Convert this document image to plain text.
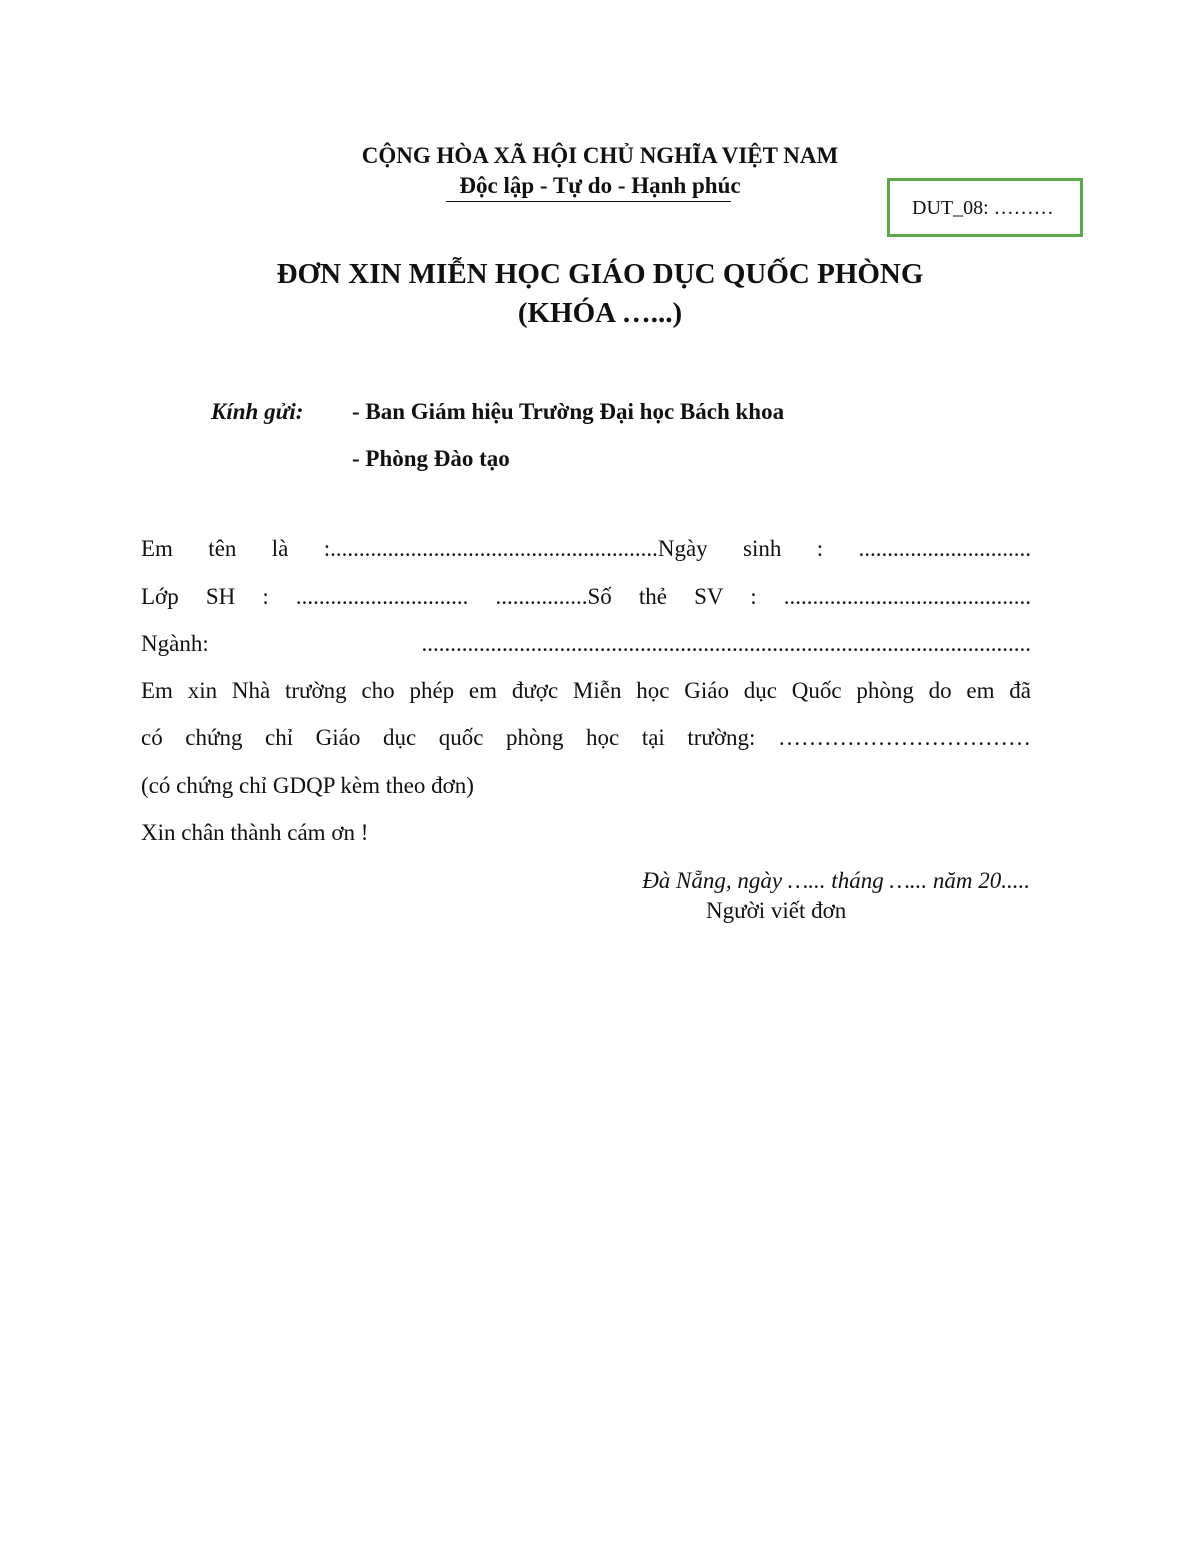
CỘNG HÒA XÃ HỘI CHỦ NGHĨA VIỆT NAM
Độc lập - Tự do - Hạnh phúc
DUT_08: ………
ĐƠN XIN MIỄN HỌC GIÁO DỤC QUỐC PHÒNG
(KHÓA …...)
Kính gửi: - Ban Giám hiệu Trường Đại học Bách khoa
- Phòng Đào tạo
Em tên là :.........................................................Ngày sinh : ..............................
Lớp SH : .............................. ................Số thẻ SV : ...........................................
Ngành: ..........................................................................................................
Em xin Nhà trường cho phép em được Miễn học Giáo dục Quốc phòng do em đã
có chứng chỉ Giáo dục quốc phòng học tại trường: ……………………………
(có chứng chỉ GDQP kèm theo đơn)
Xin chân thành cám ơn !
Đà Nẵng, ngày …... tháng …... năm 20.....
Người viết đơn
